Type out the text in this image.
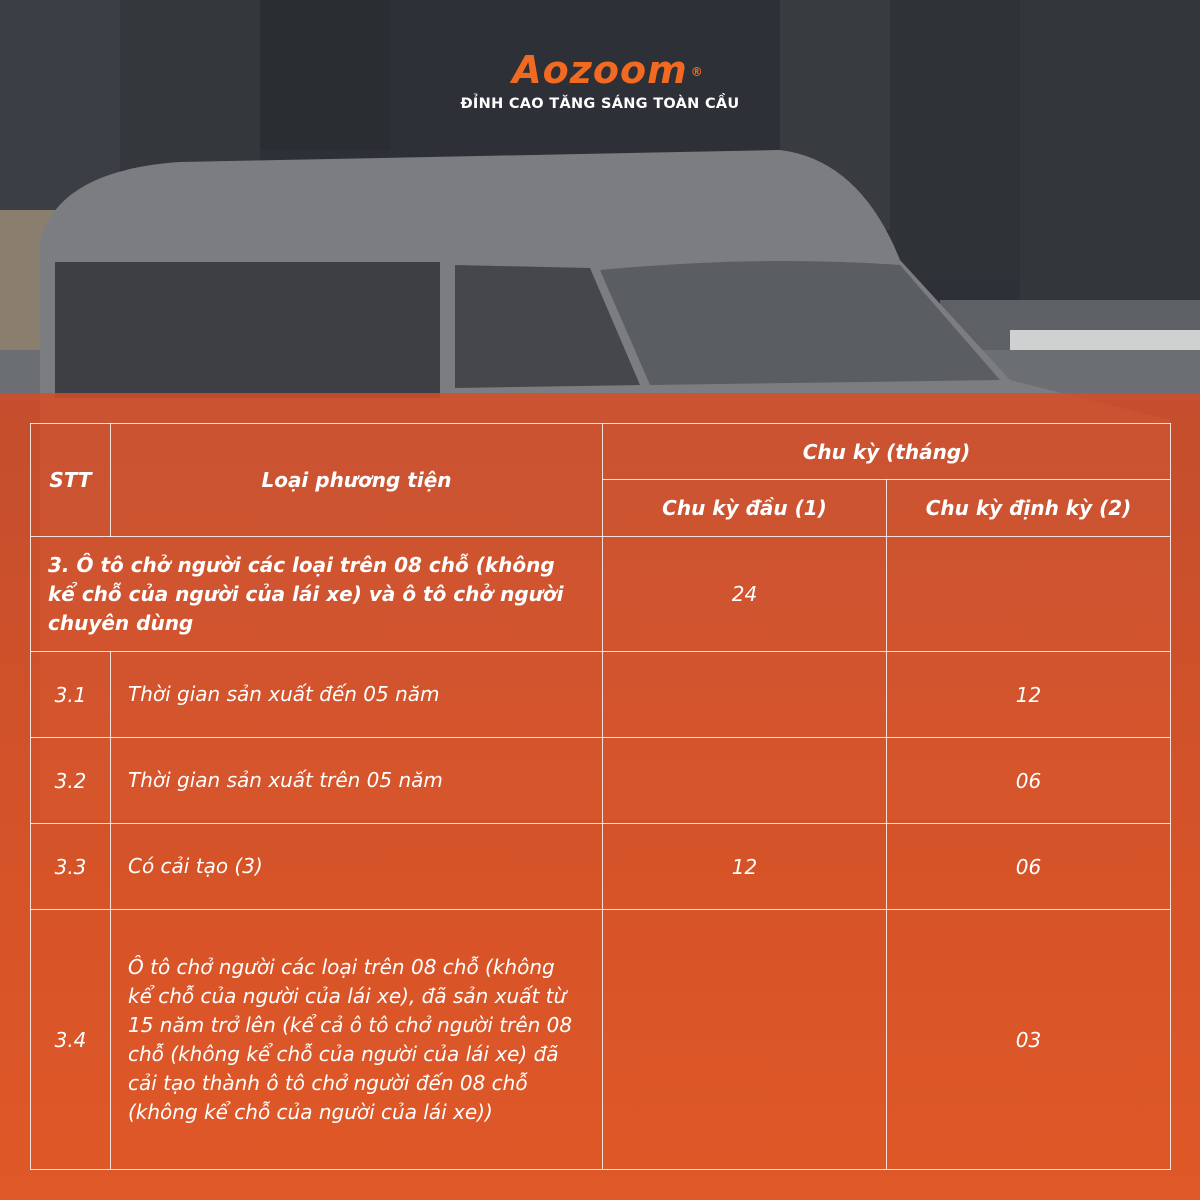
Aozoom ®
ĐỈNH CAO TĂNG SÁNG TOÀN CẦU
STT	Loại phương tiện	Chu kỳ (tháng)	
		Chu kỳ đầu (1)	Chu kỳ định kỳ (2)
3. Ô tô chở người các loại trên 08 chỗ (không kể chỗ của người của lái xe) và ô tô chở người chuyên dùng		24	
3.1	Thời gian sản xuất đến 05 năm		12
3.2	Thời gian sản xuất trên 05 năm		06
3.3	Có cải tạo (3)	12	06
3.4	Ô tô chở người các loại trên 08 chỗ (không kể chỗ của người của lái xe), đã sản xuất từ 15 năm trở lên (kể cả ô tô chở người trên 08 chỗ (không kể chỗ của người của lái xe) đã cải tạo thành ô tô chở người đến 08 chỗ (không kể chỗ của người của lái xe))		03
